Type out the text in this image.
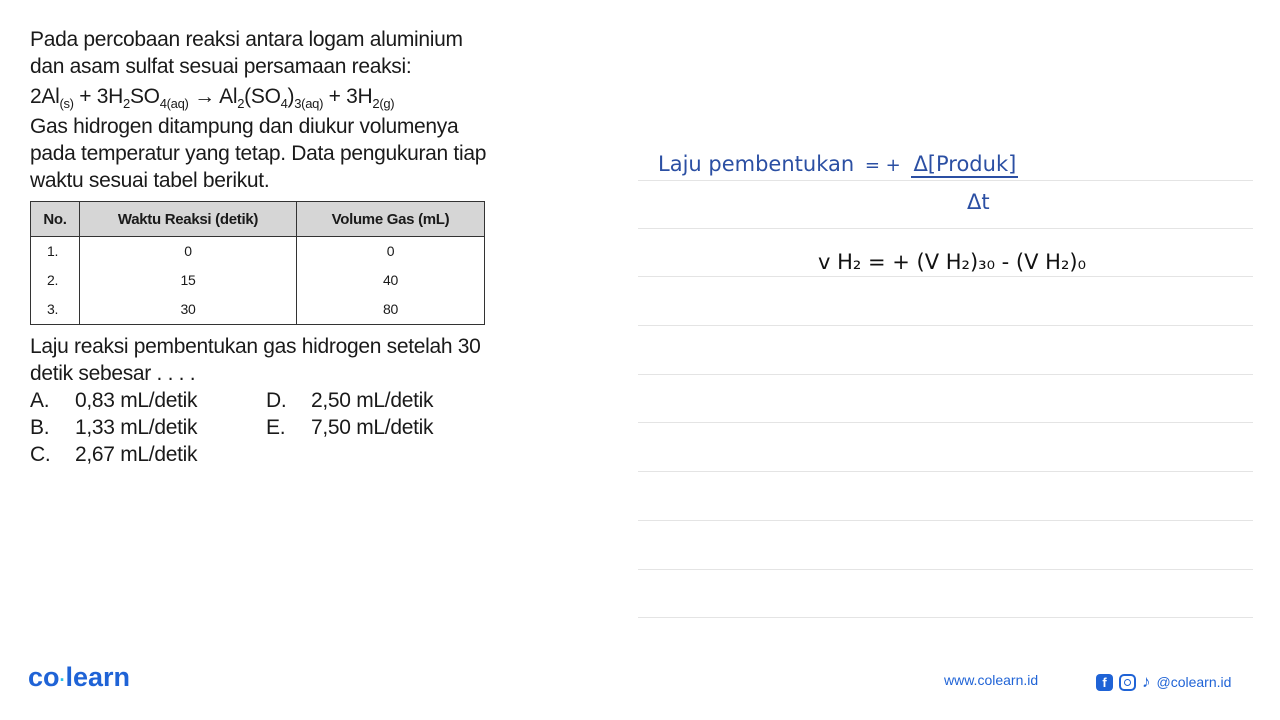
Pada percobaan reaksi antara logam aluminium dan asam sulfat sesuai persamaan reaksi:

$2Al_{(s)} + 3H_2SO_{4(aq)} \to Al_2(SO_4)_{3(aq)} + 3H_{2(g)}$

Gas hidrogen ditampung dan diukur volumenya pada temperatur yang tetap. Data pengukuran tiap waktu sesuai tabel berikut.

No.	Waktu Reaksi (detik)	Volume Gas (mL)
1.	0	0
2.	15	40
3.	30	80

Laju reaksi pembentukan gas hidrogen setelah 30 detik sebesar . . . .

A.	0,83 mL/detik	D.	2,50 mL/detik
B.	1,33 mL/detik	E.	7,50 mL/detik
C.	2,67 mL/detik
Laju pembentukan = + Δ[Produk]
Δt
v H₂ = + (V H₂)₃₀ - (V H₂)₀
co·learn	www.colearn.id	f	♪ @colearn.id
